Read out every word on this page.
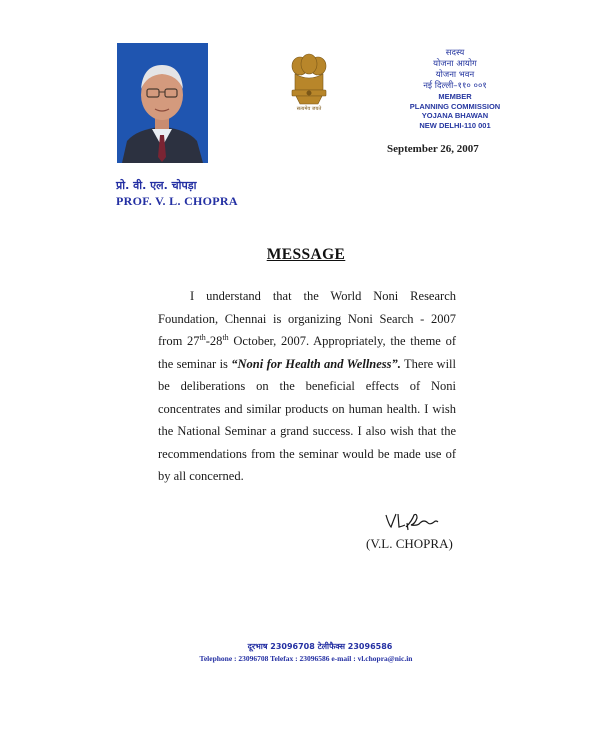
सत्यमेव जयते
सदस्य
योजना आयोग
योजना भवन
नई दिल्ली–११० ००१
MEMBER
PLANNING COMMISSION
YOJANA BHAWAN
NEW DELHI-110 001
September 26, 2007
प्रो. वी. एल. चोपड़ा
PROF. V. L. CHOPRA
MESSAGE
I understand that the World Noni Research Foundation, Chennai is organizing Noni Search - 2007 from 27th-28th October, 2007. Appropriately, the theme of the seminar is “Noni for Health and Wellness”. There will be deliberations on the beneficial effects of Noni concentrates and similar products on human health. I wish the National Seminar a grand success. I also wish that the recommendations from the seminar would be made use of by all concerned.
(V.L. CHOPRA)
दूरभाष 23096708 टेलीफैक्स 23096586
Telephone : 23096708 Telefax : 23096586 e-mail : vl.chopra@nic.in
